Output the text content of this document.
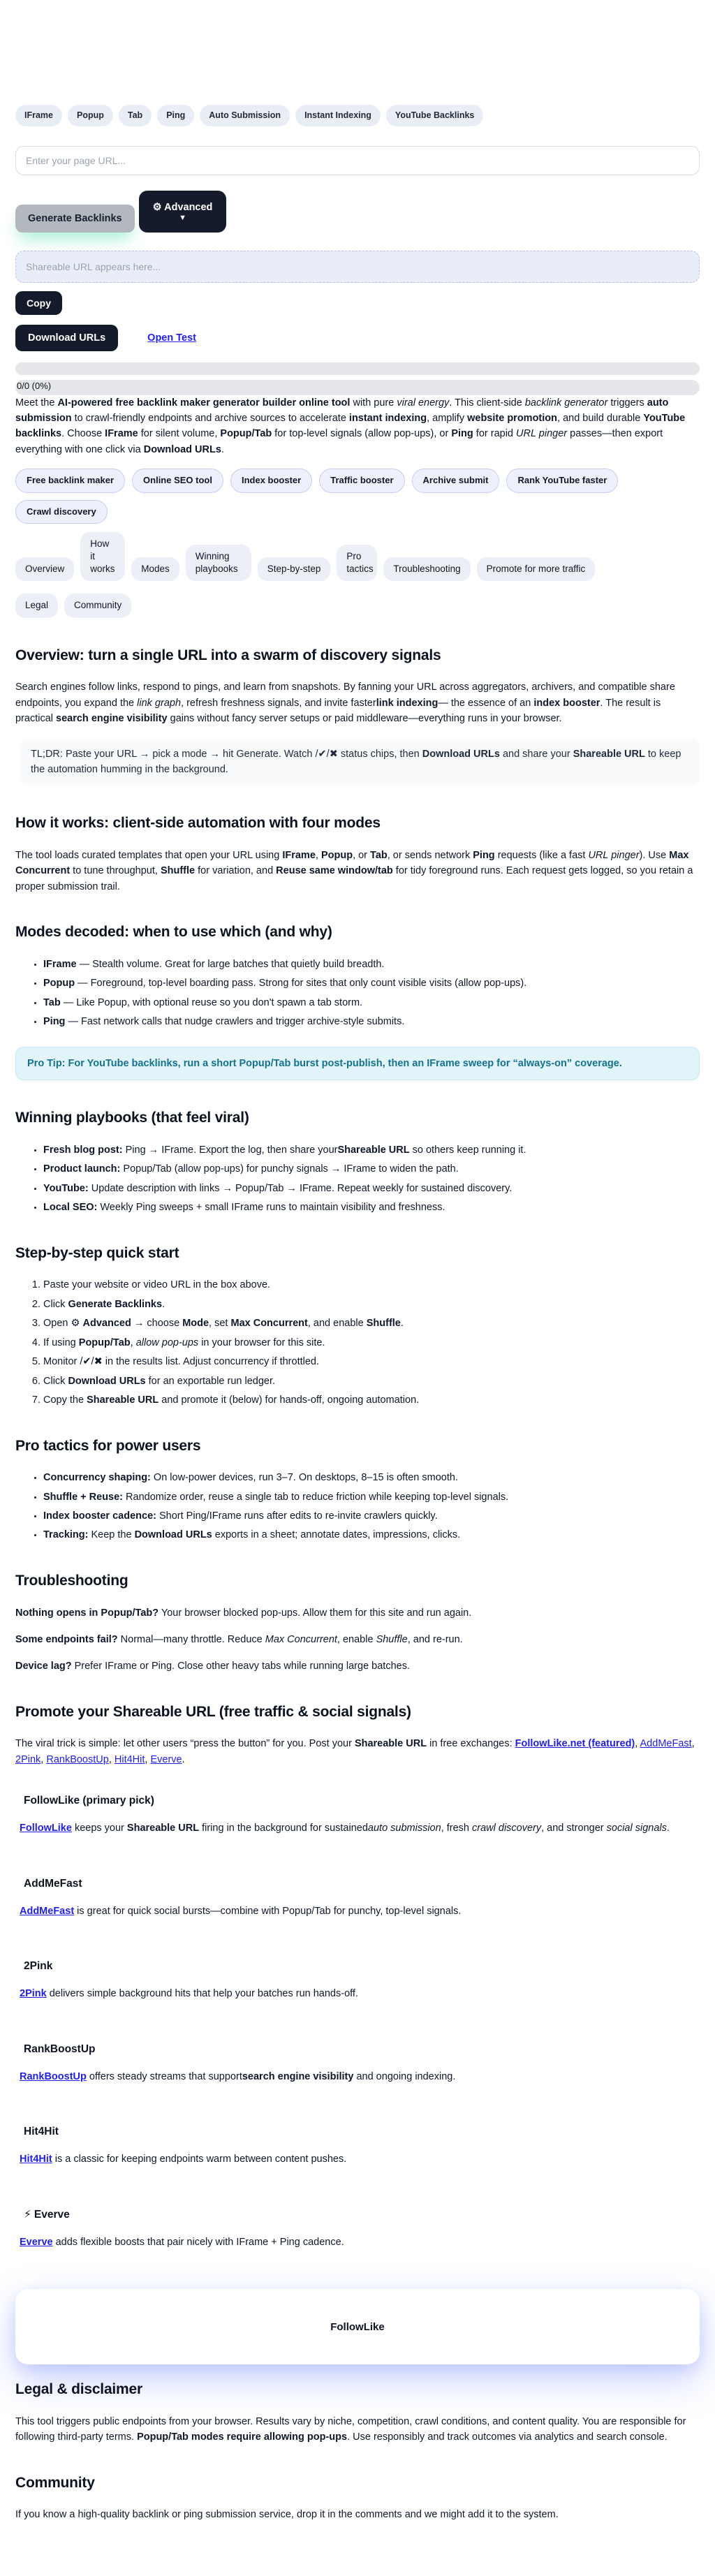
IFrame	Popup	Tab	Ping	Auto Submission	Instant Indexing	YouTube Backlinks
Enter your page URL...
Generate Backlinks
⚙ Advanced
▼
Shareable URL appears here...
Copy
Download URLs	Open Test
0/0 (0%)

Meet the AI-powered free backlink maker generator builder online tool with pure viral energy. This client-side backlink generator triggers auto submission to crawl-friendly endpoints and archive sources to accelerate instant indexing, amplify website promotion, and build durable YouTube backlinks. Choose IFrame for silent volume, Popup/Tab for top-level signals (allow pop-ups), or Ping for rapid URL pinger passes—then export everything with one click via Download URLs.

Free backlink maker	Online SEO tool	Index booster	Traffic booster	Archive submit	Rank YouTube faster
Crawl discovery
Overview
How it works	Modes
Winning playbooks	Step-by-step
Pro tactics	Troubleshooting	Promote for more traffic
Legal	Community
Overview: turn a single URL into a swarm of discovery signals

Search engines follow links, respond to pings, and learn from snapshots. By fanning your URL across aggregators, archivers, and compatible share endpoints, you expand the link graph, refresh freshness signals, and invite fasterlink indexing— the essence of an index booster. The result is practical search engine visibility gains without fancy server setups or paid middleware—everything runs in your browser.

TL;DR: Paste your URL → pick a mode → hit Generate. Watch /✔/✖ status chips, then Download URLs and share your Shareable URL to keep the automation humming in the background.
How it works: client-side automation with four modes

The tool loads curated templates that open your URL using IFrame, Popup, or Tab, or sends network Ping requests (like a fast URL pinger). Use Max Concurrent to tune throughput, Shuffle for variation, and Reuse same window/tab for tidy foreground runs. Each request gets logged, so you retain a proper submission trail.

Modes decoded: when to use which (and why)
• IFrame — Stealth volume. Great for large batches that quietly build breadth.
• Popup — Foreground, top-level boarding pass. Strong for sites that only count visible visits (allow pop-ups).
• Tab — Like Popup, with optional reuse so you don't spawn a tab storm.
• Ping — Fast network calls that nudge crawlers and trigger archive-style submits.
Pro Tip: For YouTube backlinks, run a short Popup/Tab burst post-publish, then an IFrame sweep for “always-on” coverage.
Winning playbooks (that feel viral)
• Fresh blog post: Ping → IFrame. Export the log, then share yourShareable URL so others keep running it.
• Product launch: Popup/Tab (allow pop-ups) for punchy signals → IFrame to widen the path.
• YouTube: Update description with links → Popup/Tab → IFrame. Repeat weekly for sustained discovery.
• Local SEO: Weekly Ping sweeps + small IFrame runs to maintain visibility and freshness.
Step-by-step quick start
1. Paste your website or video URL in the box above.
2. Click Generate Backlinks.
3. Open ⚙ Advanced → choose Mode, set Max Concurrent, and enable Shuffle.
4. If using Popup/Tab, allow pop-ups in your browser for this site.
5. Monitor /✔/✖ in the results list. Adjust concurrency if throttled.
6. Click Download URLs for an exportable run ledger.
7. Copy the Shareable URL and promote it (below) for hands-off, ongoing automation.
Pro tactics for power users
• Concurrency shaping: On low-power devices, run 3–7. On desktops, 8–15 is often smooth.
• Shuffle + Reuse: Randomize order, reuse a single tab to reduce friction while keeping top-level signals.
• Index booster cadence: Short Ping/IFrame runs after edits to re-invite crawlers quickly.
• Tracking: Keep the Download URLs exports in a sheet; annotate dates, impressions, clicks.
Troubleshooting

Nothing opens in Popup/Tab? Your browser blocked pop-ups. Allow them for this site and run again.

Some endpoints fail? Normal—many throttle. Reduce Max Concurrent, enable Shuffle, and re-run.

Device lag? Prefer IFrame or Ping. Close other heavy tabs while running large batches.

Promote your Shareable URL (free traffic & social signals)

The viral trick is simple: let other users “press the button” for you. Post your Shareable URL in free exchanges: FollowLike.net (featured), AddMeFast, 2Pink, RankBoostUp, Hit4Hit, Everve.

FollowLike (primary pick)

FollowLike keeps your Shareable URL firing in the background for sustainedauto submission, fresh crawl discovery, and stronger social signals.

AddMeFast

AddMeFast is great for quick social bursts—combine with Popup/Tab for punchy, top-level signals.

2Pink

2Pink delivers simple background hits that help your batches run hands-off.

RankBoostUp

RankBoostUp offers steady streams that supportsearch engine visibility and ongoing indexing.

Hit4Hit

Hit4Hit is a classic for keeping endpoints warm between content pushes.

⚡ Everve

Everve adds flexible boosts that pair nicely with IFrame + Ping cadence.

FollowLike
Legal & disclaimer

This tool triggers public endpoints from your browser. Results vary by niche, competition, crawl conditions, and content quality. You are responsible for following third-party terms. Popup/Tab modes require allowing pop-ups. Use responsibly and track outcomes via analytics and search console.

Community

If you know a high-quality backlink or ping submission service, drop it in the comments and we might add it to the system.
